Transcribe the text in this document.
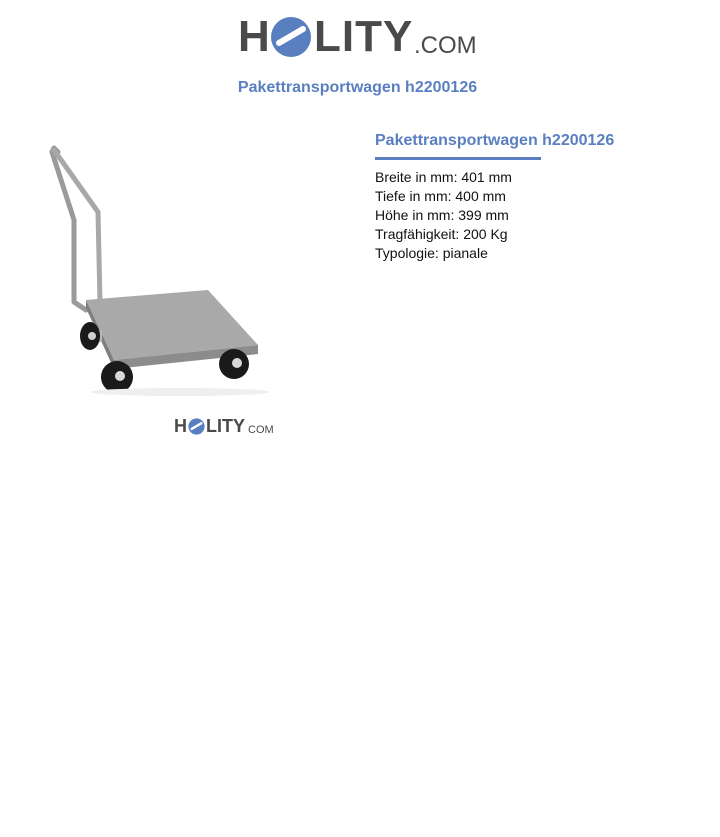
H LITY .COM
Pakettransportwagen h2200126
H LITY COM
Pakettransportwagen h2200126
Breite in mm: 401 mm
Tiefe in mm: 400 mm
Höhe in mm: 399 mm
Tragfähigkeit: 200 Kg
Typologie: pianale
